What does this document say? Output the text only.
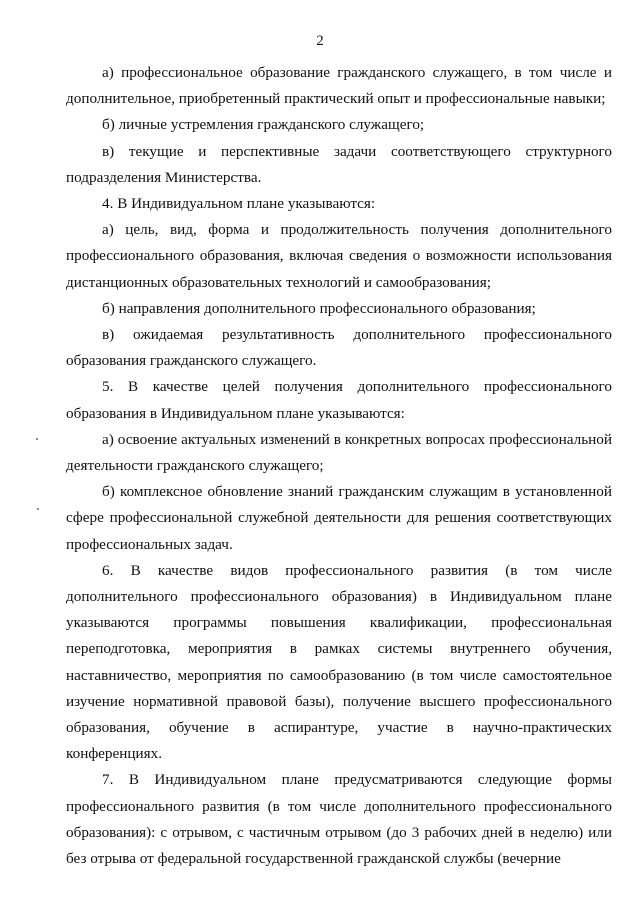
2

а) профессиональное образование гражданского служащего, в том числе и дополнительное, приобретенный практический опыт и профессиональные навыки;

б) личные устремления гражданского служащего;

в) текущие и перспективные задачи соответствующего структурного подразделения Министерства.

4. В Индивидуальном плане указываются:

а) цель, вид, форма и продолжительность получения дополнительного профессионального образования, включая сведения о возможности использования дистанционных образовательных технологий и самообразования;

б) направления дополнительного профессионального образования;

в) ожидаемая результативность дополнительного профессионального образования гражданского служащего.

5. В качестве целей получения дополнительного профессионального образования в Индивидуальном плане указываются:

а) освоение актуальных изменений в конкретных вопросах профессиональной деятельности гражданского служащего;

б) комплексное обновление знаний гражданским служащим в установленной сфере профессиональной служебной деятельности для решения соответствующих профессиональных задач.

6. В качестве видов профессионального развития (в том числе дополнительного профессионального образования) в Индивидуальном плане указываются программы повышения квалификации, профессиональная переподготовка, мероприятия в рамках системы внутреннего обучения, наставничество, мероприятия по самообразованию (в том числе самостоятельное изучение нормативной правовой базы), получение высшего профессионального образования, обучение в аспирантуре, участие в научно-практических конференциях.

7. В Индивидуальном плане предусматриваются следующие формы профессионального развития (в том числе дополнительного профессионального образования): с отрывом, с частичным отрывом (до 3 рабочих дней в неделю) или без отрыва от федеральной государственной гражданской службы (вечерние
